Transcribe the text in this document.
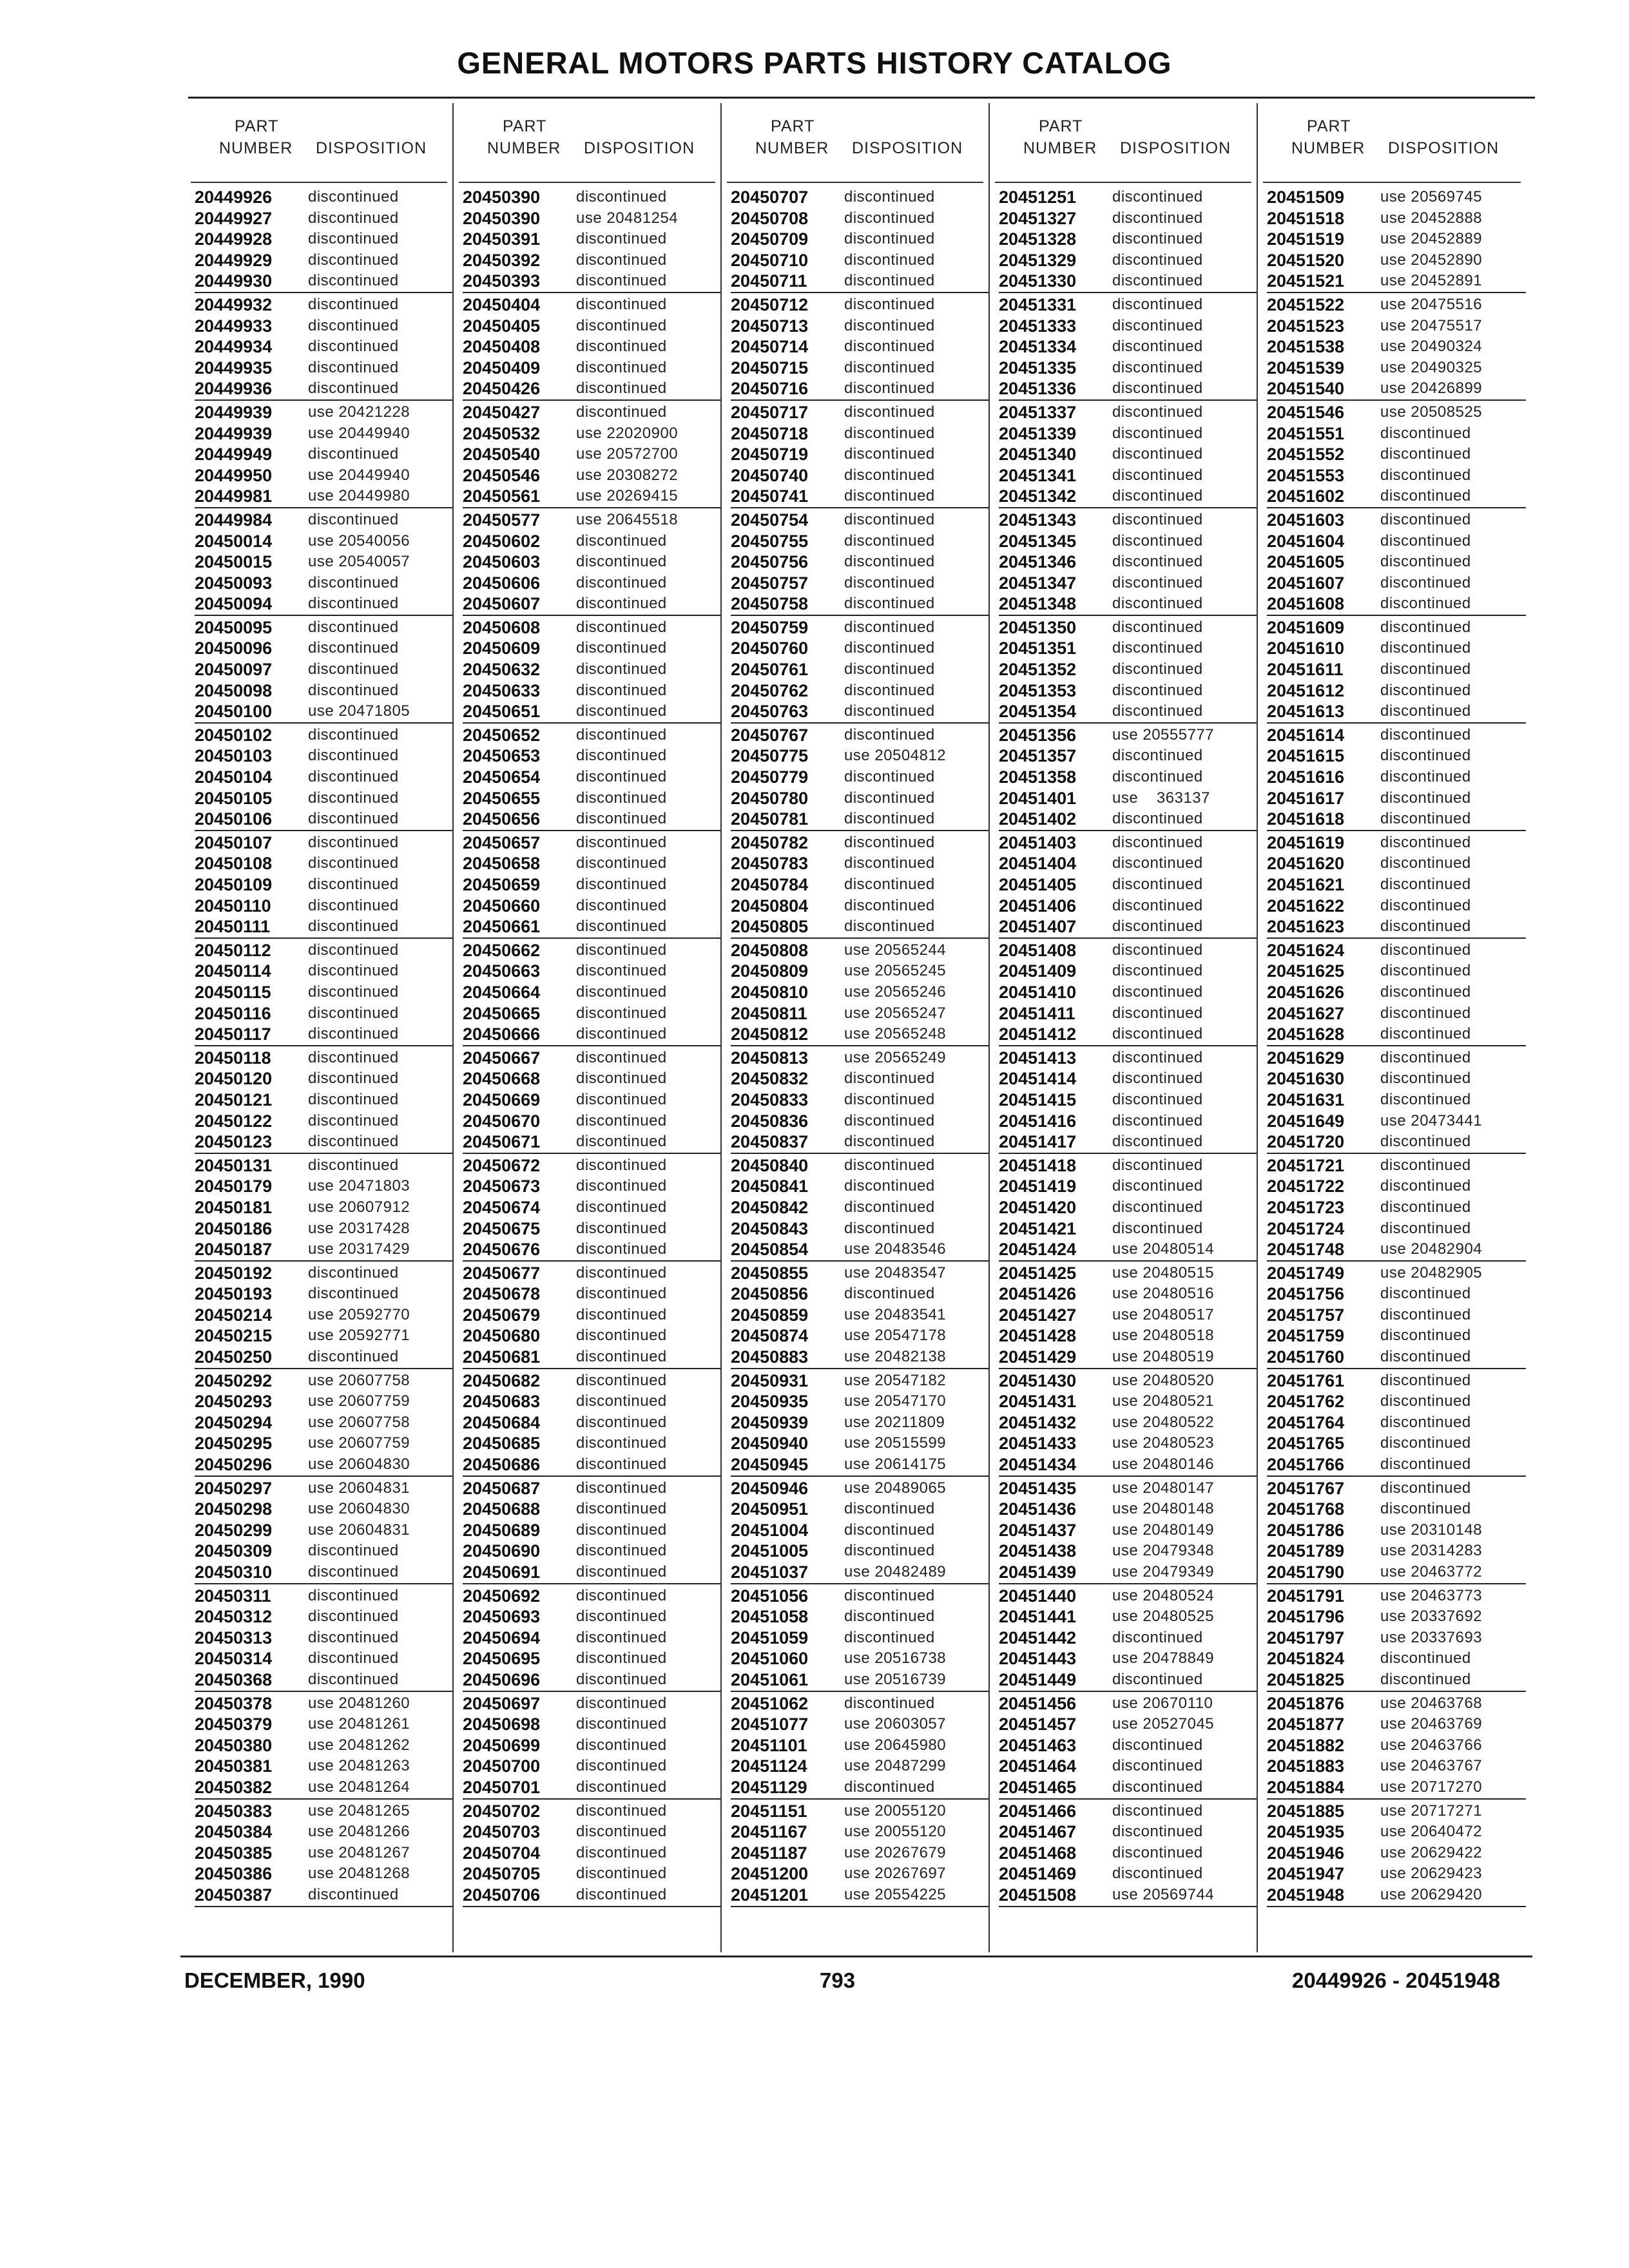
GENERAL MOTORS PARTS HISTORY CATALOG
PART
NUMBER DISPOSITION
20449926	discontinued
20449927	discontinued
20449928	discontinued
20449929	discontinued
20449930	discontinued
20449932	discontinued
20449933	discontinued
20449934	discontinued
20449935	discontinued
20449936	discontinued
20449939	use 20421228
20449939	use 20449940
20449949	discontinued
20449950	use 20449940
20449981	use 20449980
20449984	discontinued
20450014	use 20540056
20450015	use 20540057
20450093	discontinued
20450094	discontinued
20450095	discontinued
20450096	discontinued
20450097	discontinued
20450098	discontinued
20450100	use 20471805
20450102	discontinued
20450103	discontinued
20450104	discontinued
20450105	discontinued
20450106	discontinued
20450107	discontinued
20450108	discontinued
20450109	discontinued
20450110	discontinued
20450111	discontinued
20450112	discontinued
20450114	discontinued
20450115	discontinued
20450116	discontinued
20450117	discontinued
20450118	discontinued
20450120	discontinued
20450121	discontinued
20450122	discontinued
20450123	discontinued
20450131	discontinued
20450179	use 20471803
20450181	use 20607912
20450186	use 20317428
20450187	use 20317429
20450192	discontinued
20450193	discontinued
20450214	use 20592770
20450215	use 20592771
20450250	discontinued
20450292	use 20607758
20450293	use 20607759
20450294	use 20607758
20450295	use 20607759
20450296	use 20604830
20450297	use 20604831
20450298	use 20604830
20450299	use 20604831
20450309	discontinued
20450310	discontinued
20450311	discontinued
20450312	discontinued
20450313	discontinued
20450314	discontinued
20450368	discontinued
20450378	use 20481260
20450379	use 20481261
20450380	use 20481262
20450381	use 20481263
20450382	use 20481264
20450383	use 20481265
20450384	use 20481266
20450385	use 20481267
20450386	use 20481268
20450387	discontinued
PART
NUMBER DISPOSITION
20450390	discontinued
20450390	use 20481254
20450391	discontinued
20450392	discontinued
20450393	discontinued
20450404	discontinued
20450405	discontinued
20450408	discontinued
20450409	discontinued
20450426	discontinued
20450427	discontinued
20450532	use 22020900
20450540	use 20572700
20450546	use 20308272
20450561	use 20269415
20450577	use 20645518
20450602	discontinued
20450603	discontinued
20450606	discontinued
20450607	discontinued
20450608	discontinued
20450609	discontinued
20450632	discontinued
20450633	discontinued
20450651	discontinued
20450652	discontinued
20450653	discontinued
20450654	discontinued
20450655	discontinued
20450656	discontinued
20450657	discontinued
20450658	discontinued
20450659	discontinued
20450660	discontinued
20450661	discontinued
20450662	discontinued
20450663	discontinued
20450664	discontinued
20450665	discontinued
20450666	discontinued
20450667	discontinued
20450668	discontinued
20450669	discontinued
20450670	discontinued
20450671	discontinued
20450672	discontinued
20450673	discontinued
20450674	discontinued
20450675	discontinued
20450676	discontinued
20450677	discontinued
20450678	discontinued
20450679	discontinued
20450680	discontinued
20450681	discontinued
20450682	discontinued
20450683	discontinued
20450684	discontinued
20450685	discontinued
20450686	discontinued
20450687	discontinued
20450688	discontinued
20450689	discontinued
20450690	discontinued
20450691	discontinued
20450692	discontinued
20450693	discontinued
20450694	discontinued
20450695	discontinued
20450696	discontinued
20450697	discontinued
20450698	discontinued
20450699	discontinued
20450700	discontinued
20450701	discontinued
20450702	discontinued
20450703	discontinued
20450704	discontinued
20450705	discontinued
20450706	discontinued
PART
NUMBER DISPOSITION
20450707	discontinued
20450708	discontinued
20450709	discontinued
20450710	discontinued
20450711	discontinued
20450712	discontinued
20450713	discontinued
20450714	discontinued
20450715	discontinued
20450716	discontinued
20450717	discontinued
20450718	discontinued
20450719	discontinued
20450740	discontinued
20450741	discontinued
20450754	discontinued
20450755	discontinued
20450756	discontinued
20450757	discontinued
20450758	discontinued
20450759	discontinued
20450760	discontinued
20450761	discontinued
20450762	discontinued
20450763	discontinued
20450767	discontinued
20450775	use 20504812
20450779	discontinued
20450780	discontinued
20450781	discontinued
20450782	discontinued
20450783	discontinued
20450784	discontinued
20450804	discontinued
20450805	discontinued
20450808	use 20565244
20450809	use 20565245
20450810	use 20565246
20450811	use 20565247
20450812	use 20565248
20450813	use 20565249
20450832	discontinued
20450833	discontinued
20450836	discontinued
20450837	discontinued
20450840	discontinued
20450841	discontinued
20450842	discontinued
20450843	discontinued
20450854	use 20483546
20450855	use 20483547
20450856	discontinued
20450859	use 20483541
20450874	use 20547178
20450883	use 20482138
20450931	use 20547182
20450935	use 20547170
20450939	use 20211809
20450940	use 20515599
20450945	use 20614175
20450946	use 20489065
20450951	discontinued
20451004	discontinued
20451005	discontinued
20451037	use 20482489
20451056	discontinued
20451058	discontinued
20451059	discontinued
20451060	use 20516738
20451061	use 20516739
20451062	discontinued
20451077	use 20603057
20451101	use 20645980
20451124	use 20487299
20451129	discontinued
20451151	use 20055120
20451167	use 20055120
20451187	use 20267679
20451200	use 20267697
20451201	use 20554225
PART
NUMBER DISPOSITION
20451251	discontinued
20451327	discontinued
20451328	discontinued
20451329	discontinued
20451330	discontinued
20451331	discontinued
20451333	discontinued
20451334	discontinued
20451335	discontinued
20451336	discontinued
20451337	discontinued
20451339	discontinued
20451340	discontinued
20451341	discontinued
20451342	discontinued
20451343	discontinued
20451345	discontinued
20451346	discontinued
20451347	discontinued
20451348	discontinued
20451350	discontinued
20451351	discontinued
20451352	discontinued
20451353	discontinued
20451354	discontinued
20451356	use 20555777
20451357	discontinued
20451358	discontinued
20451401	use    363137
20451402	discontinued
20451403	discontinued
20451404	discontinued
20451405	discontinued
20451406	discontinued
20451407	discontinued
20451408	discontinued
20451409	discontinued
20451410	discontinued
20451411	discontinued
20451412	discontinued
20451413	discontinued
20451414	discontinued
20451415	discontinued
20451416	discontinued
20451417	discontinued
20451418	discontinued
20451419	discontinued
20451420	discontinued
20451421	discontinued
20451424	use 20480514
20451425	use 20480515
20451426	use 20480516
20451427	use 20480517
20451428	use 20480518
20451429	use 20480519
20451430	use 20480520
20451431	use 20480521
20451432	use 20480522
20451433	use 20480523
20451434	use 20480146
20451435	use 20480147
20451436	use 20480148
20451437	use 20480149
20451438	use 20479348
20451439	use 20479349
20451440	use 20480524
20451441	use 20480525
20451442	discontinued
20451443	use 20478849
20451449	discontinued
20451456	use 20670110
20451457	use 20527045
20451463	discontinued
20451464	discontinued
20451465	discontinued
20451466	discontinued
20451467	discontinued
20451468	discontinued
20451469	discontinued
20451508	use 20569744
PART
NUMBER DISPOSITION
20451509	use 20569745
20451518	use 20452888
20451519	use 20452889
20451520	use 20452890
20451521	use 20452891
20451522	use 20475516
20451523	use 20475517
20451538	use 20490324
20451539	use 20490325
20451540	use 20426899
20451546	use 20508525
20451551	discontinued
20451552	discontinued
20451553	discontinued
20451602	discontinued
20451603	discontinued
20451604	discontinued
20451605	discontinued
20451607	discontinued
20451608	discontinued
20451609	discontinued
20451610	discontinued
20451611	discontinued
20451612	discontinued
20451613	discontinued
20451614	discontinued
20451615	discontinued
20451616	discontinued
20451617	discontinued
20451618	discontinued
20451619	discontinued
20451620	discontinued
20451621	discontinued
20451622	discontinued
20451623	discontinued
20451624	discontinued
20451625	discontinued
20451626	discontinued
20451627	discontinued
20451628	discontinued
20451629	discontinued
20451630	discontinued
20451631	discontinued
20451649	use 20473441
20451720	discontinued
20451721	discontinued
20451722	discontinued
20451723	discontinued
20451724	discontinued
20451748	use 20482904
20451749	use 20482905
20451756	discontinued
20451757	discontinued
20451759	discontinued
20451760	discontinued
20451761	discontinued
20451762	discontinued
20451764	discontinued
20451765	discontinued
20451766	discontinued
20451767	discontinued
20451768	discontinued
20451786	use 20310148
20451789	use 20314283
20451790	use 20463772
20451791	use 20463773
20451796	use 20337692
20451797	use 20337693
20451824	discontinued
20451825	discontinued
20451876	use 20463768
20451877	use 20463769
20451882	use 20463766
20451883	use 20463767
20451884	use 20717270
20451885	use 20717271
20451935	use 20640472
20451946	use 20629422
20451947	use 20629423
20451948	use 20629420
DECEMBER, 1990	793	20449926 - 20451948
